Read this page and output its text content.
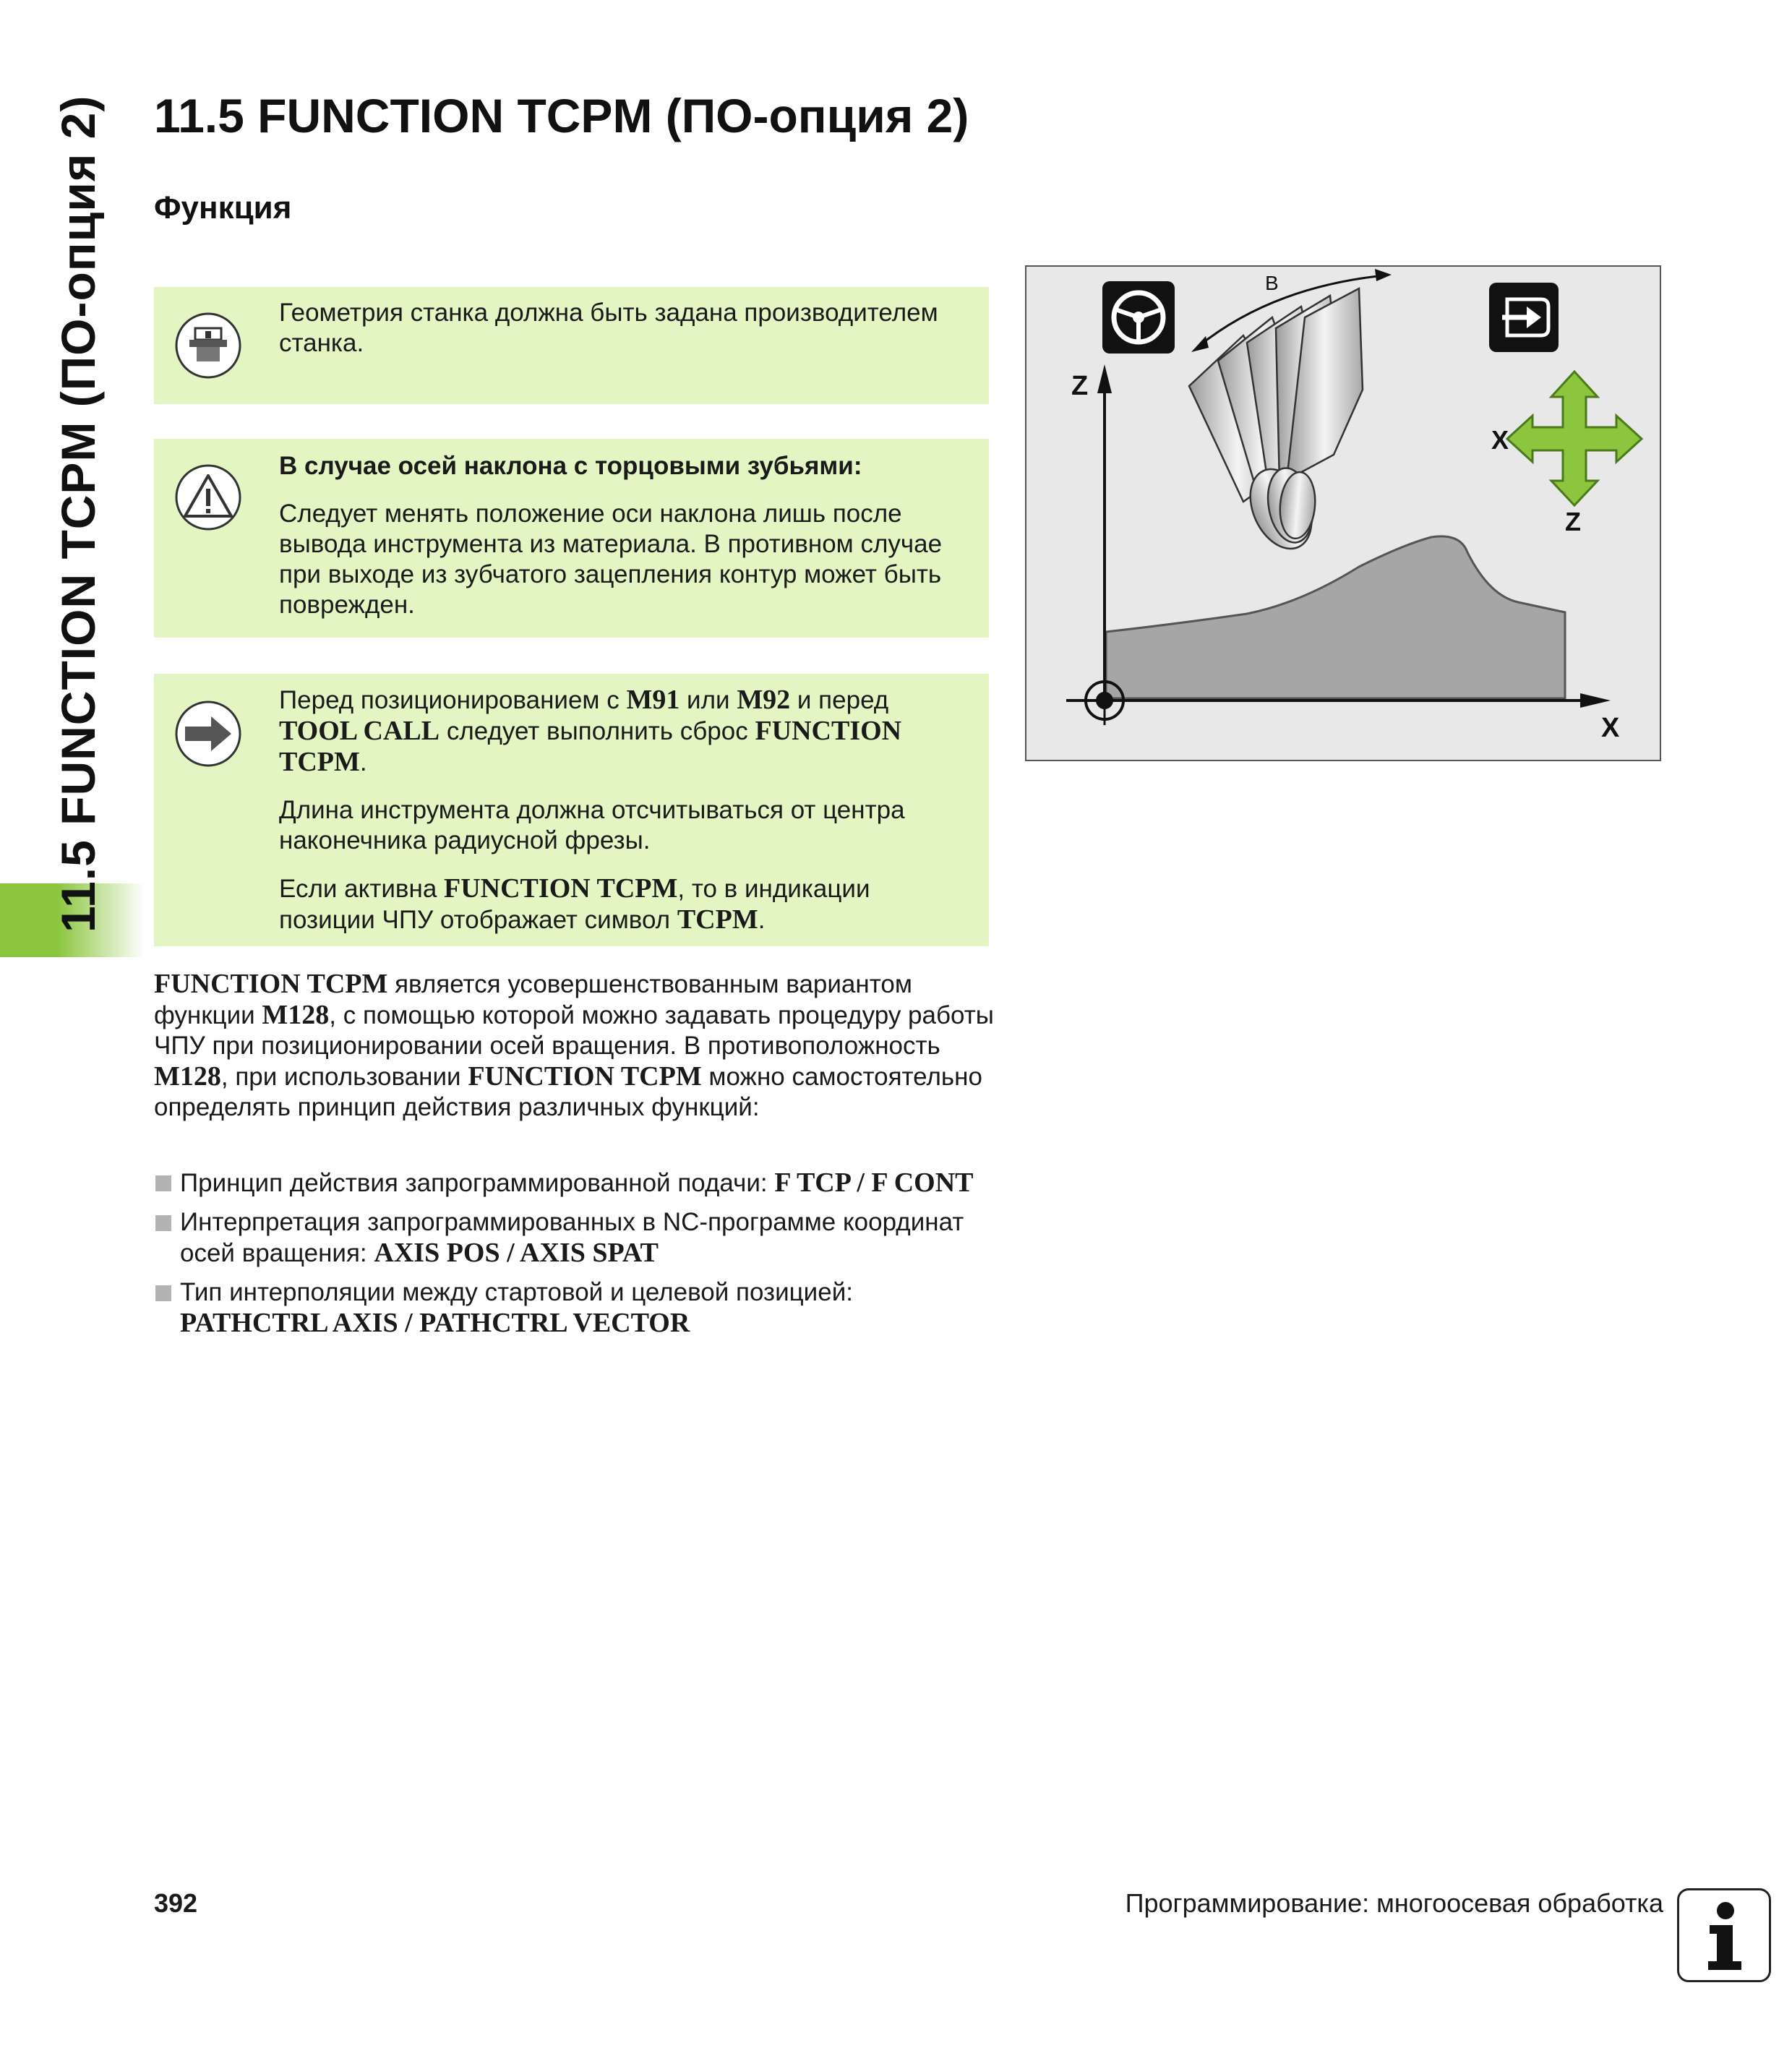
11.5 FUNCTION TCPM (ПО-опция 2) 11.5 FUNCTION TCPM (ПО-опция 2)
Функция

Геометрия станка должна быть задана производителем станка.

В случае осей наклона с торцовыми зубьями:

Следует менять положение оси наклона лишь после вывода инструмента из материала. В противном случае при выходе из зубчатого зацепления контур может быть поврежден.

Перед позиционированием с M91 или M92 и перед TOOL CALL следует выполнить сброс FUNCTION TCPM.

Длина инструмента должна отсчитываться от центра наконечника радиусной фрезы.

Если активна FUNCTION TCPM, то в индикации позиции ЧПУ отображает символ TCPM.

FUNCTION TCPM является усовершенствованным вариантом функции M128, с помощью которой можно задавать процедуру работы ЧПУ при позиционировании осей вращения. В противоположность M128, при использовании FUNCTION TCPM можно самостоятельно определять принцип действия различных функций:

Принцип действия запрограммированной подачи: F TCP / F CONT
Интерпретация запрограммированных в NC-программе координат осей вращения: AXIS POS / AXIS SPAT
Тип интерполяции между стартовой и целевой позицией: PATHCTRL AXIS / PATHCTRL VECTOR
Z
X
B
X
Z
392	Программирование: многоосевая обработка
